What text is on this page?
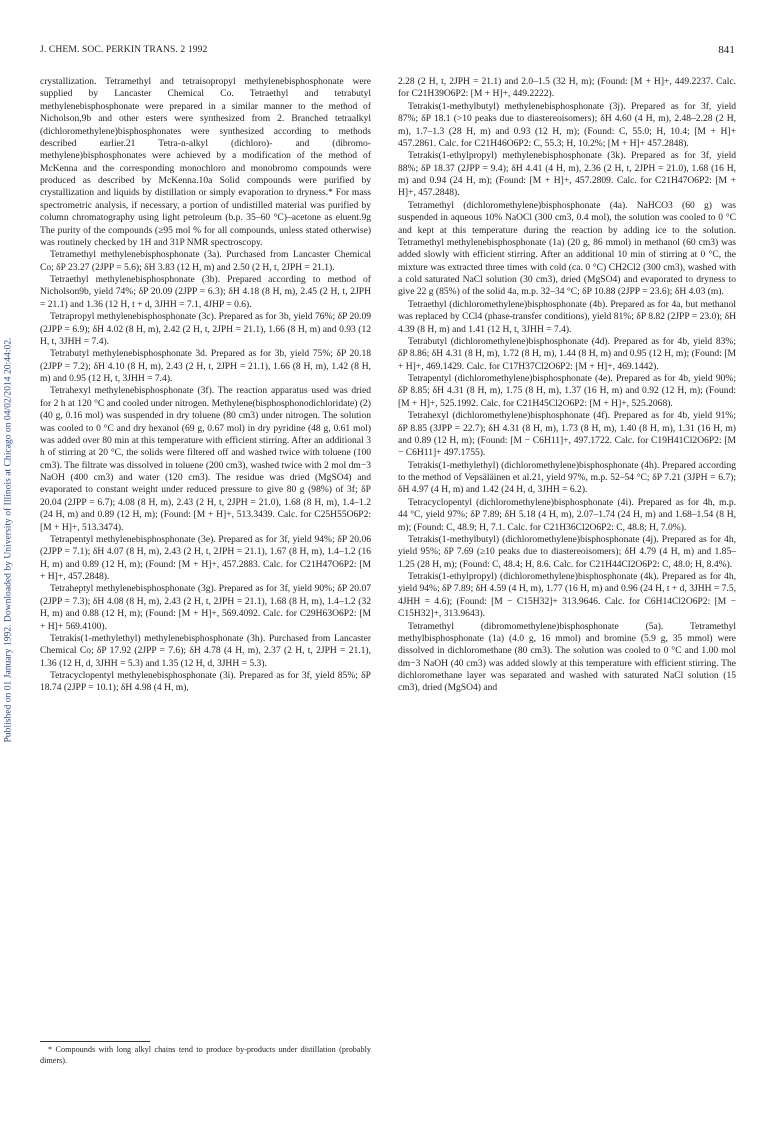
J. CHEM. SOC. PERKIN TRANS. 2 1992	841
Published on 01 January 1992. Downloaded by University of Illinois at Chicago on 04/02/2014 20:44:02.

crystallization. Tetramethyl and tetraisopropyl methylenebisphosphonate were supplied by Lancaster Chemical Co. Tetraethyl and tetrabutyl methylenebisphosphonate were prepared in a similar manner to the method of Nicholson,9b and other esters were synthesized from 2. Branched tetraalkyl (dichloromethylene)bisphosphonates were synthesized according to methods described earlier.21 Tetra-n-alkyl (dichloro)- and (dibromo-methylene)bisphosphonates were achieved by a modification of the method of McKenna and the corresponding monochloro and monobromo compounds were produced as described by McKenna.10a Solid compounds were purified by crystallization and liquids by distillation or simply evaporation to dryness.* For mass spectrometric analysis, if necessary, a portion of undistilled material was purified by column chromatography using light petroleum (b.p. 35–60 °C)–acetone as eluent.9g The purity of the compounds (≥95 mol % for all compounds, unless stated otherwise) was routinely checked by 1H and 31P NMR spectroscopy.

Tetramethyl methylenebisphosphonate (3a). Purchased from Lancaster Chemical Co; δP 23.27 (2JPP = 5.6); δH 3.83 (12 H, m) and 2.50 (2 H, t, 2JPH = 21.1).

Tetraethyl methylenebisphosphonate (3b). Prepared according to method of Nicholson9b, yield 74%; δP 20.09 (2JPP = 6.3); δH 4.18 (8 H, m), 2.45 (2 H, t, 2JPH = 21.1) and 1.36 (12 H, t + d, 3JHH = 7.1, 4JHP = 0.6).

Tetrapropyl methylenebisphosphonate (3c). Prepared as for 3b, yield 76%; δP 20.09 (2JPP = 6.9); δH 4.02 (8 H, m), 2.42 (2 H, t, 2JPH = 21.1), 1.66 (8 H, m) and 0.93 (12 H, t, 3JHH = 7.4).

Tetrabutyl methylenebisphosphonate 3d. Prepared as for 3b, yield 75%; δP 20.18 (2JPP = 7.2); δH 4.10 (8 H, m), 2.43 (2 H, t, 2JPH = 21.1), 1.66 (8 H, m), 1.42 (8 H, m) and 0.95 (12 H, t, 3JHH = 7.4).

Tetrahexyl methylenebisphosphonate (3f). The reaction apparatus used was dried for 2 h at 120 °C and cooled under nitrogen. Methylene(bisphosphonodichloridate) (2) (40 g, 0.16 mol) was suspended in dry toluene (80 cm3) under nitrogen. The solution was cooled to 0 °C and dry hexanol (69 g, 0.67 mol) in dry pyridine (48 g, 0.61 mol) was added over 80 min at this temperature with efficient stirring. After an additional 3 h of stirring at 20 °C, the solids were filtered off and washed twice with toluene (100 cm3). The filtrate was dissolved in toluene (200 cm3), washed twice with 2 mol dm−3 NaOH (400 cm3) and water (120 cm3). The residue was dried (MgSO4) and evaporated to constant weight under reduced pressure to give 80 g (98%) of 3f; δP 20.04 (2JPP = 6.7); 4.08 (8 H, m), 2.43 (2 H, t, 2JPH = 21.0), 1.68 (8 H, m), 1.4–1.2 (24 H, m) and 0.89 (12 H, m); (Found: [M + H]+, 513.3439. Calc. for C25H55O6P2: [M + H]+, 513.3474).

Tetrapentyl methylenebisphosphonate (3e). Prepared as for 3f, yield 94%; δP 20.06 (2JPP = 7.1); δH 4.07 (8 H, m), 2.43 (2 H, t, 2JPH = 21.1), 1.67 (8 H, m), 1.4–1.2 (16 H, m) and 0.89 (12 H, m); (Found: [M + H]+, 457.2883. Calc. for C21H47O6P2: [M + H]+, 457.2848).

Tetraheptyl methylenebisphosphonate (3g). Prepared as for 3f, yield 90%; δP 20.07 (2JPP = 7.3); δH 4.08 (8 H, m), 2.43 (2 H, t, 2JPH = 21.1), 1.68 (8 H, m), 1.4–1.2 (32 H, m) and 0.88 (12 H, m); (Found: [M + H]+, 569.4092. Calc. for C29H63O6P2: [M + H]+ 569.4100).

Tetrakis(1-methylethyl) methylenebisphosphonate (3h). Purchased from Lancaster Chemical Co; δP 17.92 (2JPP = 7.6); δH 4.78 (4 H, m), 2.37 (2 H, t, 2JPH = 21.1), 1.36 (12 H, d, 3JHH = 5.3) and 1.35 (12 H, d, 3JHH = 5.3).

Tetracyclopentyl methylenebisphosphonate (3i). Prepared as for 3f, yield 85%; δP 18.74 (2JPP = 10.1); δH 4.98 (4 H, m),

2.28 (2 H, t, 2JPH = 21.1) and 2.0–1.5 (32 H, m); (Found: [M + H]+, 449.2237. Calc. for C21H39O6P2: [M + H]+, 449.2222).

Tetrakis(1-methylbutyl) methylenebisphosphonate (3j). Prepared as for 3f, yield 87%; δP 18.1 (>10 peaks due to diastereoisomers); δH 4.60 (4 H, m), 2.48–2.28 (2 H, m), 1.7–1.3 (28 H, m) and 0.93 (12 H, m); (Found: C, 55.0; H, 10.4; [M + H]+ 457.2861. Calc. for C21H46O6P2: C, 55.3; H, 10.2%; [M + H]+ 457.2848).

Tetrakis(1-ethylpropyl) methylenebisphosphonate (3k). Prepared as for 3f, yield 88%; δP 18.37 (2JPP = 9.4); δH 4.41 (4 H, m), 2.36 (2 H, t, 2JPH = 21.0), 1.68 (16 H, m) and 0.94 (24 H, m); (Found: [M + H]+, 457.2809. Calc. for C21H47O6P2: [M + H]+, 457.2848).

Tetramethyl (dichloromethylene)bisphosphonate (4a). NaHCO3 (60 g) was suspended in aqueous 10% NaOCl (300 cm3, 0.4 mol), the solution was cooled to 0 °C and kept at this temperature during the reaction by adding ice to the solution. Tetramethyl methylenebisphosphonate (1a) (20 g, 86 mmol) in methanol (60 cm3) was added slowly with efficient stirring. After an additional 10 min of stirring at 0 °C, the mixture was extracted three times with cold (ca. 0 °C) CH2Cl2 (300 cm3), washed with a cold saturated NaCl solution (30 cm3), dried (MgSO4) and evaporated to dryness to give 22 g (85%) of the solid 4a, m.p. 32–34 °C; δP 10.88 (2JPP = 23.6); δH 4.03 (m).

Tetraethyl (dichloromethylene)bisphosphonate (4b). Prepared as for 4a, but methanol was replaced by CCl4 (phase-transfer conditions), yield 81%; δP 8.82 (2JPP = 23.0); δH 4.39 (8 H, m) and 1.41 (12 H, t, 3JHH = 7.4).

Tetrabutyl (dichloromethylene)bisphosphonate (4d). Prepared as for 4b, yield 83%; δP 8.86; δH 4.31 (8 H, m), 1.72 (8 H, m), 1.44 (8 H, m) and 0.95 (12 H, m); (Found: [M + H]+, 469.1429. Calc. for C17H37Cl2O6P2: [M + H]+, 469.1442).

Tetrapentyl (dichloromethylene)bisphosphonate (4e). Prepared as for 4b, yield 90%; δP 8.85; δH 4.31 (8 H, m), 1.75 (8 H, m), 1.37 (16 H, m) and 0.92 (12 H, m); (Found: [M + H]+, 525.1992. Calc. for C21H45Cl2O6P2: [M + H]+, 525.2068).

Tetrahexyl (dichloromethylene)bisphosphonate (4f). Prepared as for 4b, yield 91%; δP 8.85 (3JPP = 22.7); δH 4.31 (8 H, m), 1.73 (8 H, m), 1.40 (8 H, m), 1.31 (16 H, m) and 0.89 (12 H, m); (Found: [M − C6H11]+, 497.1722. Calc. for C19H41Cl2O6P2: [M − C6H11]+ 497.1755).

Tetrakis(1-methylethyl) (dichloromethylene)bisphosphonate (4h). Prepared according to the method of Vepsäläinen et al.21, yield 97%, m.p. 52–54 °C; δP 7.21 (3JPH = 6.7); δH 4.97 (4 H, m) and 1.42 (24 H, d, 3JHH = 6.2).

Tetracyclopentyl (dichloromethylene)bisphosphonate (4i). Prepared as for 4h, m.p. 44 °C, yield 97%; δP 7.89; δH 5.18 (4 H, m), 2.07–1.74 (24 H, m) and 1.68–1.54 (8 H, m); (Found: C, 48.9; H, 7.1. Calc. for C21H36Cl2O6P2: C, 48.8; H, 7.0%).

Tetrakis(1-methylbutyl) (dichloromethylene)bisphosphonate (4j). Prepared as for 4h, yield 95%; δP 7.69 (≥10 peaks due to diastereoisomers); δH 4.79 (4 H, m) and 1.85–1.25 (28 H, m); (Found: C, 48.4; H, 8.6. Calc. for C21H44Cl2O6P2: C, 48.0; H, 8.4%).

Tetrakis(1-ethylpropyl) (dichloromethylene)bisphosphonate (4k). Prepared as for 4h, yield 94%; δP 7.89; δH 4.59 (4 H, m), 1.77 (16 H, m) and 0.96 (24 H, t + d, 3JHH = 7.5, 4JHH = 4.6); (Found: [M − C15H32]+ 313.9646. Calc. for C6H14Cl2O6P2: [M − C15H32]+, 313.9643).

Tetramethyl (dibromomethylene)bisphosphonate (5a). Tetramethyl methylbisphosphonate (1a) (4.0 g, 16 mmol) and bromine (5.9 g, 35 mmol) were dissolved in dichloromethane (80 cm3). The solution was cooled to 0 °C and 1.00 mol dm−3 NaOH (40 cm3) was added slowly at this temperature with efficient stirring. The dichloromethane layer was separated and washed with saturated NaCl solution (15 cm3), dried (MgSO4) and

* Compounds with long alkyl chains tend to produce by-products under distillation (probably dimers).
